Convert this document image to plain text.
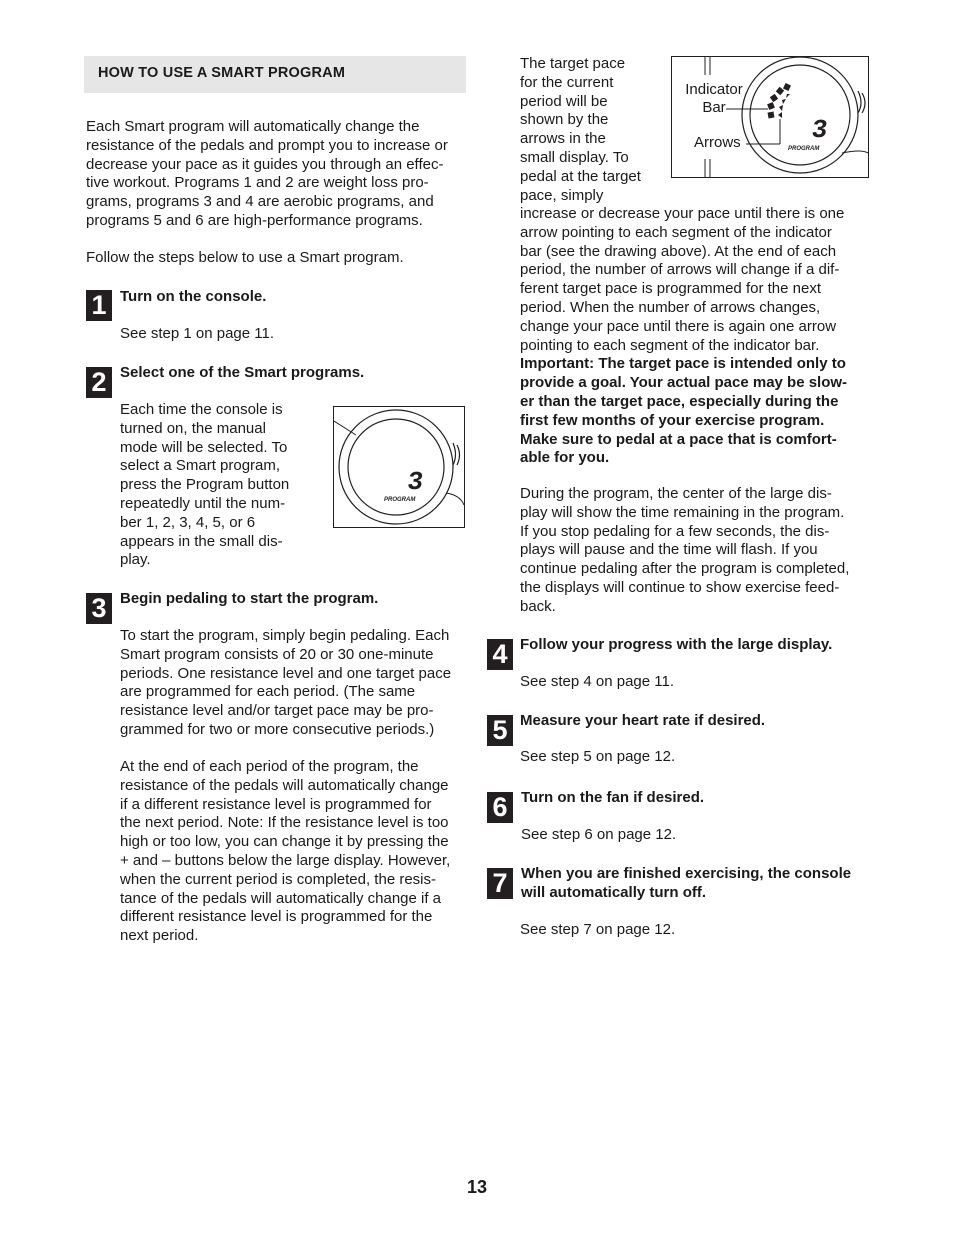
HOW TO USE A SMART PROGRAM

Each Smart program will automatically change the

resistance of the pedals and prompt you to increase or

decrease your pace as it guides you through an effec-

tive workout. Programs 1 and 2 are weight loss pro-

grams, programs 3 and 4 are aerobic programs, and

programs 5 and 6 are high-performance programs.

Follow the steps below to use a Smart program.

1 Turn on the console.

See step 1 on page 11.

2 Select one of the Smart programs.

Each time the console is

turned on, the manual

mode will be selected. To

select a Smart program,

press the Program button

repeatedly until the num-

ber 1, 2, 3, 4, 5, or 6

appears in the small dis-

play.

3
PROGRAM
3 Begin pedaling to start the program.

To start the program, simply begin pedaling. Each

Smart program consists of 20 or 30 one-minute

periods. One resistance level and one target pace

are programmed for each period. (The same

resistance level and/or target pace may be pro-

grammed for two or more consecutive periods.)

At the end of each period of the program, the

resistance of the pedals will automatically change

if a different resistance level is programmed for

the next period. Note: If the resistance level is too

high or too low, you can change it by pressing the

+ and – buttons below the large display. However,

when the current period is completed, the resis-

tance of the pedals will automatically change if a

different resistance level is programmed for the

next period.

The target pace

for the current

period will be

shown by the

arrows in the

small display. To

pedal at the target

pace, simply

3
PROGRAM
Indicator
Bar
Arrows

increase or decrease your pace until there is one

arrow pointing to each segment of the indicator

bar (see the drawing above). At the end of each

period, the number of arrows will change if a dif-

ferent target pace is programmed for the next

period. When the number of arrows changes,

change your pace until there is again one arrow

pointing to each segment of the indicator bar.

Important: The target pace is intended only to

provide a goal. Your actual pace may be slow-

er than the target pace, especially during the

first few months of your exercise program.

Make sure to pedal at a pace that is comfort-

able for you.

During the program, the center of the large dis-

play will show the time remaining in the program.

If you stop pedaling for a few seconds, the dis-

plays will pause and the time will flash. If you

continue pedaling after the program is completed,

the displays will continue to show exercise feed-

back.

4 Follow your progress with the large display.

See step 4 on page 11.

5 Measure your heart rate if desired.

See step 5 on page 12.

6 Turn on the fan if desired.

See step 6 on page 12.

7 When you are finished exercising, the console

will automatically turn off.

See step 7 on page 12.

13
